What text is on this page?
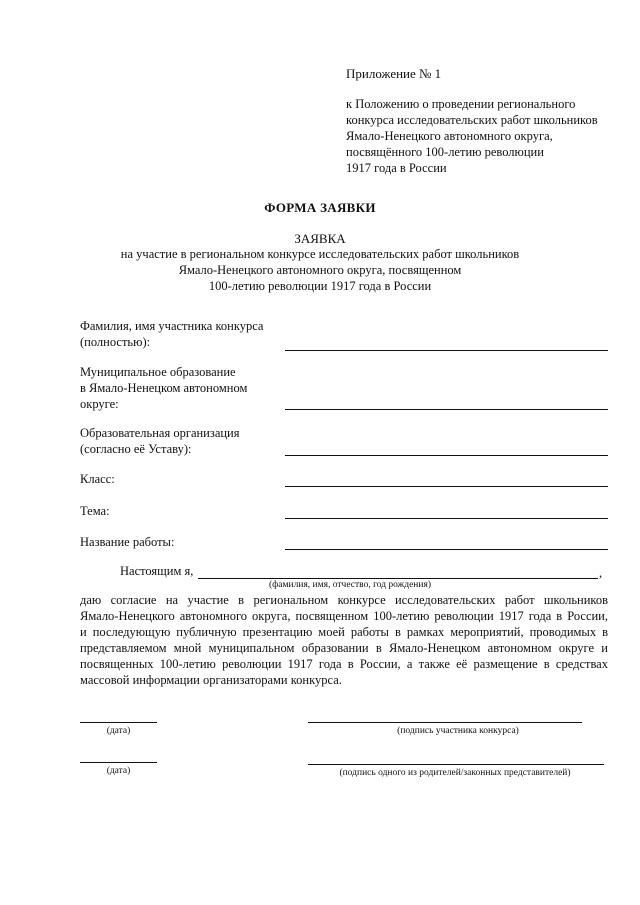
Приложение № 1
к Положению о проведении регионального
конкурса исследовательских работ школьников
Ямало-Ненецкого автономного округа,
посвящённого 100-летию революции
1917 года в России
ФОРМА ЗАЯВКИ
ЗАЯВКА
на участие в региональном конкурсе исследовательских работ школьников
Ямало-Ненецкого автономного округа, посвященном
100-летию революции 1917 года в России
Фамилия, имя участника конкурса
(полностью):
Муниципальное образование
в Ямало-Ненецком автономном
округе:
Образовательная организация
(согласно её Уставу):
Класс:
Тема:
Название работы:
Настоящим я,	,
(фамилия, имя, отчество, год рождения)
даю согласие на участие в региональном конкурсе исследовательских работ школьников
Ямало-Ненецкого автономного округа, посвященном 100-летию революции 1917 года в России,
и последующую публичную презентацию моей работы в рамках мероприятий, проводимых в
представляемом мной муниципальном образовании в Ямало-Ненецком автономном округе и
посвященных 100-летию революции 1917 года в России, а также её размещение в средствах
массовой информации организаторами конкурса.
(дата)	(подпись участника конкурса)
(дата)	(подпись одного из родителей/законных представителей)
